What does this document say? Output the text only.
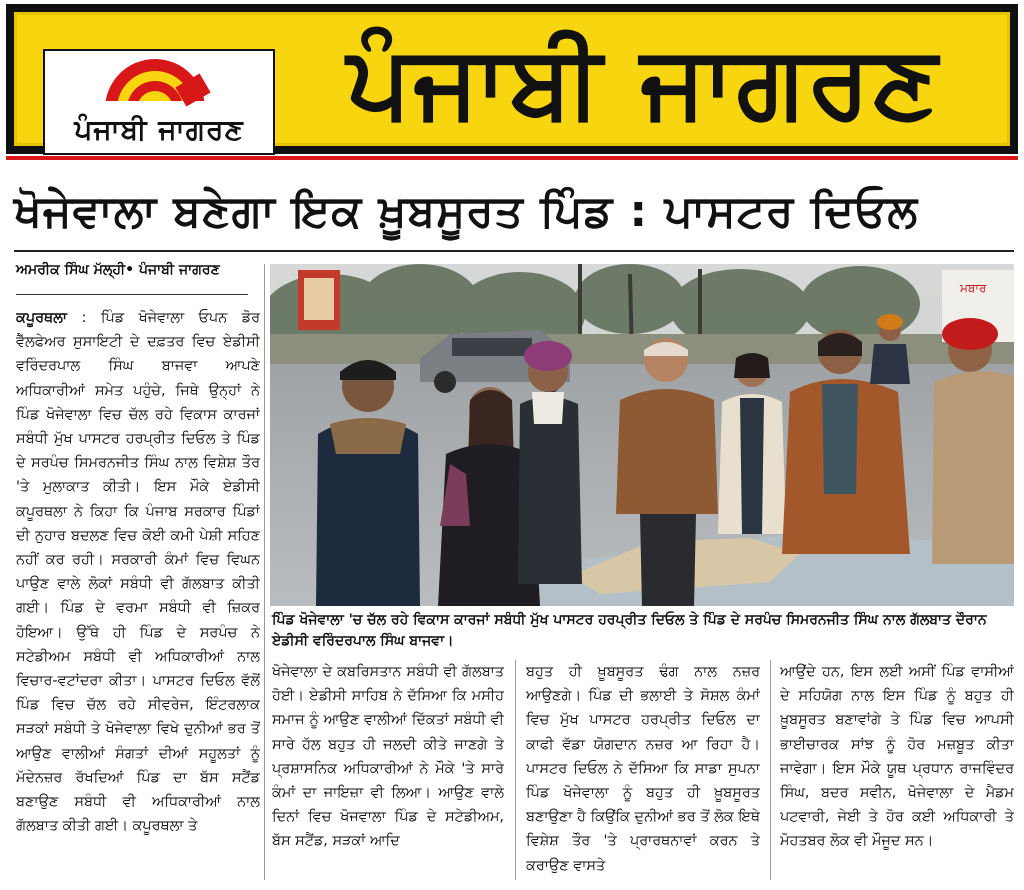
ਪੰਜਾਬੀ ਜਾਗਰਣ	ਪੰਜਾਬੀ ਜਾਗਰਣ
ਖੋਜੇਵਾਲਾ ਬਣੇਗਾ ਇਕ ਖ਼ੂਬਸੂਰਤ ਪਿੰਡ : ਪਾਸਟਰ ਦਿਓਲ
ਅਮਰੀਕ ਸਿੰਘ ਮੱਲ੍ਹੀ• ਪੰਜਾਬੀ ਜਾਗਰਣ
ਕਪੂਰਥਲਾ : ਪਿੰਡ ਖੋਜੇਵਾਲਾ ਓਪਨ ਡੋਰ ਵੈੱਲਫੇਅਰ ਸੁਸਾਇਟੀ ਦੇ ਦਫ਼ਤਰ ਵਿਚ ਏਡੀਸੀ ਵਰਿੰਦਰਪਾਲ ਸਿੰਘ ਬਾਜਵਾ ਆਪਣੇ ਅਧਿਕਾਰੀਆਂ ਸਮੇਤ ਪਹੁੰਚੇ, ਜਿਥੇ ਉਨ੍ਹਾਂ ਨੇ ਪਿੰਡ ਖੋਜੇਵਾਲਾ ਵਿਚ ਚੱਲ ਰਹੇ ਵਿਕਾਸ ਕਾਰਜਾਂ ਸਬੰਧੀ ਮੁੱਖ ਪਾਸਟਰ ਹਰਪ੍ਰੀਤ ਦਿਓਲ ਤੇ ਪਿੰਡ ਦੇ ਸਰਪੰਚ ਸਿਮਰਨਜੀਤ ਸਿੰਘ ਨਾਲ ਵਿਸ਼ੇਸ਼ ਤੌਰ 'ਤੇ ਮੁਲਾਕਾਤ ਕੀਤੀ। ਇਸ ਮੌਕੇ ਏਡੀਸੀ ਕਪੂਰਥਲਾ ਨੇ ਕਿਹਾ ਕਿ ਪੰਜਾਬ ਸਰਕਾਰ ਪਿੰਡਾਂ ਦੀ ਨੁਹਾਰ ਬਦਲਣ ਵਿਚ ਕੋਈ ਕਮੀ ਪੇਸ਼ੀ ਸਹਿਣ ਨਹੀਂ ਕਰ ਰਹੀ। ਸਰਕਾਰੀ ਕੰਮਾਂ ਵਿਚ ਵਿਘਨ ਪਾਉਣ ਵਾਲੇ ਲੋਕਾਂ ਸਬੰਧੀ ਵੀ ਗੱਲਬਾਤ ਕੀਤੀ ਗਈ। ਪਿੰਡ ਦੇ ਵਰਮਾ ਸਬੰਧੀ ਵੀ ਜ਼ਿਕਰ ਹੋਇਆ। ਉੱਥੇ ਹੀ ਪਿੰਡ ਦੇ ਸਰਪੰਚ ਨੇ ਸਟੇਡੀਅਮ ਸਬੰਧੀ ਵੀ ਅਧਿਕਾਰੀਆਂ ਨਾਲ ਵਿਚਾਰ-ਵਟਾਂਦਰਾ ਕੀਤਾ। ਪਾਸਟਰ ਦਿਓਲ ਵੱਲੋਂ ਪਿੰਡ ਵਿਚ ਚੱਲ ਰਹੇ ਸੀਵਰੇਜ, ਇੰਟਰਲਾਕ ਸੜਕਾਂ ਸਬੰਧੀ ਤੇ ਖੋਜੇਵਾਲਾ ਵਿਖੇ ਦੁਨੀਆਂ ਭਰ ਤੋਂ ਆਉਣ ਵਾਲੀਆਂ ਸੰਗਤਾਂ ਦੀਆਂ ਸਹੂਲਤਾਂ ਨੂੰ ਮੱਦੇਨਜ਼ਰ ਰੱਖਦਿਆਂ ਪਿੰਡ ਦਾ ਬੱਸ ਸਟੈਂਡ ਬਣਾਉਣ ਸਬੰਧੀ ਵੀ ਅਧਿਕਾਰੀਆਂ ਨਾਲ ਗੱਲਬਾਤ ਕੀਤੀ ਗਈ। ਕਪੂਰਥਲਾ ਤੇ
ਮਬਾਰ
ਪਿੰਡ ਖੋਜੇਵਾਲਾ 'ਚ ਚੱਲ ਰਹੇ ਵਿਕਾਸ ਕਾਰਜਾਂ ਸਬੰਧੀ ਮੁੱਖ ਪਾਸਟਰ ਹਰਪ੍ਰੀਤ ਦਿਓਲ ਤੇ ਪਿੰਡ ਦੇ ਸਰਪੰਚ ਸਿਮਰਨਜੀਤ ਸਿੰਘ ਨਾਲ ਗੱਲਬਾਤ ਦੌਰਾਨ ਏਡੀਸੀ ਵਰਿੰਦਰਪਾਲ ਸਿੰਘ ਬਾਜਵਾ।
ਖੋਜੇਵਾਲਾ ਦੇ ਕਬਰਿਸਤਾਨ ਸਬੰਧੀ ਵੀ ਗੱਲਬਾਤ ਹੋਈ। ਏਡੀਸੀ ਸਾਹਿਬ ਨੇ ਦੱਸਿਆ ਕਿ ਮਸੀਹ ਸਮਾਜ ਨੂੰ ਆਉਣ ਵਾਲੀਆਂ ਦਿੱਕਤਾਂ ਸਬੰਧੀ ਵੀ ਸਾਰੇ ਹੱਲ ਬਹੁਤ ਹੀ ਜਲਦੀ ਕੀਤੇ ਜਾਣਗੇ ਤੇ ਪ੍ਰਸ਼ਾਸਨਿਕ ਅਧਿਕਾਰੀਆਂ ਨੇ ਮੌਕੇ 'ਤੇ ਸਾਰੇ ਕੰਮਾਂ ਦਾ ਜਾਇਜ਼ਾ ਵੀ ਲਿਆ। ਆਉਣ ਵਾਲੇ ਦਿਨਾਂ ਵਿਚ ਖੋਜਵਾਲਾ ਪਿੰਡ ਦੇ ਸਟੇਡੀਅਮ, ਬੱਸ ਸਟੈਂਡ, ਸੜਕਾਂ ਆਦਿ
ਬਹੁਤ ਹੀ ਖ਼ੂਬਸੂਰਤ ਢੰਗ ਨਾਲ ਨਜ਼ਰ ਆਉਣਗੇ। ਪਿੰਡ ਦੀ ਭਲਾਈ ਤੇ ਸੋਸ਼ਲ ਕੰਮਾਂ ਵਿਚ ਮੁੱਖ ਪਾਸਟਰ ਹਰਪ੍ਰੀਤ ਦਿਓਲ ਦਾ ਕਾਫੀ ਵੱਡਾ ਯੋਗਦਾਨ ਨਜ਼ਰ ਆ ਰਿਹਾ ਹੈ। ਪਾਸਟਰ ਦਿਓਲ ਨੇ ਦੱਸਿਆ ਕਿ ਸਾਡਾ ਸੁਪਨਾ ਪਿੰਡ ਖੋਜੇਵਾਲਾ ਨੂੰ ਬਹੁਤ ਹੀ ਖ਼ੂਬਸੂਰਤ ਬਣਾਉਣਾ ਹੈ ਕਿਉਂਕਿ ਦੁਨੀਆਂ ਭਰ ਤੋਂ ਲੋਕ ਇਥੇ ਵਿਸ਼ੇਸ਼ ਤੌਰ 'ਤੇ ਪ੍ਰਾਰਥਨਾਵਾਂ ਕਰਨ ਤੇ ਕਰਾਉਣ ਵਾਸਤੇ
ਆਉਂਦੇ ਹਨ, ਇਸ ਲਈ ਅਸੀਂ ਪਿੰਡ ਵਾਸੀਆਂ ਦੇ ਸਹਿਯੋਗ ਨਾਲ ਇਸ ਪਿੰਡ ਨੂੰ ਬਹੁਤ ਹੀ ਖ਼ੂਬਸੂਰਤ ਬਣਾਵਾਂਗੇ ਤੇ ਪਿੰਡ ਵਿਚ ਆਪਸੀ ਭਾਈਚਾਰਕ ਸਾਂਝ ਨੂੰ ਹੋਰ ਮਜ਼ਬੂਤ ਕੀਤਾ ਜਾਵੇਗਾ। ਇਸ ਮੌਕੇ ਯੂਥ ਪ੍ਰਧਾਨ ਰਾਜਵਿੰਦਰ ਸਿੰਘ, ਬਦਰ ਸਵੀਨ, ਖੋਜੇਵਾਲਾ ਦੇ ਮੈਡਮ ਪਟਵਾਰੀ, ਜੇਈ ਤੇ ਹੋਰ ਕਈ ਅਧਿਕਾਰੀ ਤੇ ਮੋਹਤਬਰ ਲੋਕ ਵੀ ਮੌਜੂਦ ਸਨ।
